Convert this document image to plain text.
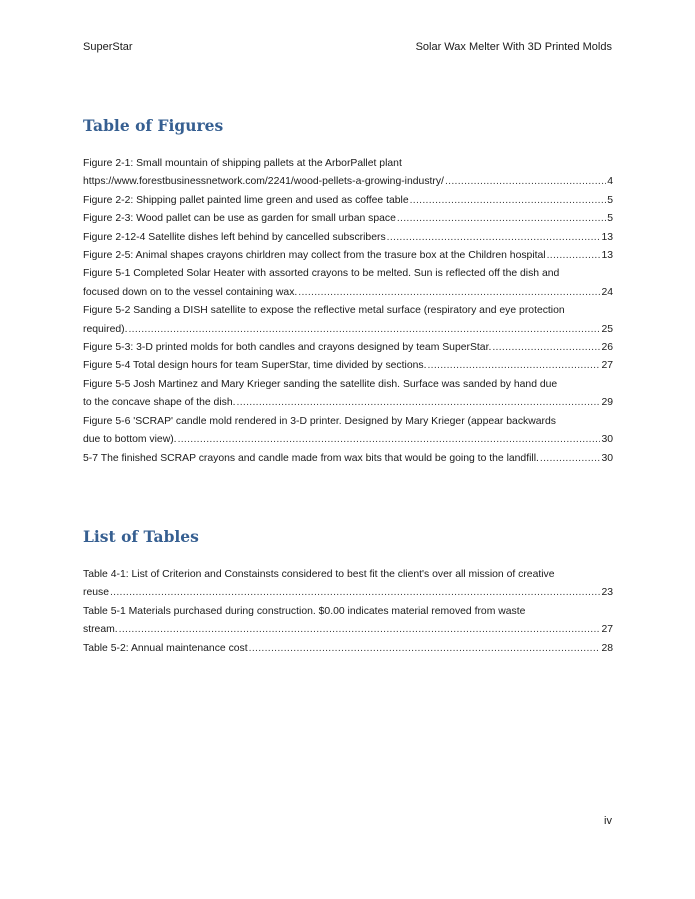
SuperStar	Solar Wax Melter With 3D Printed Molds
Table of Figures
Figure 2-1: Small mountain of shipping pallets at the ArborPallet plant
https://www.forestbusinessnetwork.com/2241/wood-pellets-a-growing-industry/ .....	4
Figure 2-2: Shipping pallet painted lime green and used as coffee table .....	5
Figure 2-3: Wood pallet can be use as garden for small urban space .....	5
Figure 2-12-4 Satellite dishes left behind by cancelled subscribers .....	13
Figure 2-5: Animal shapes crayons chirldren may collect from the trasure box at the Children hospital .....	13
Figure 5-1 Completed Solar Heater with assorted crayons to be melted. Sun is reflected off the dish and
focused down on to the vessel containing wax. .....	24
Figure 5-2 Sanding a DISH satellite to expose the reflective metal surface (respiratory and eye protection
required). .....	25
Figure 5-3: 3-D printed molds for both candles and crayons designed by team SuperStar. .....	26
Figure 5-4 Total design hours for team SuperStar, time divided by sections. .....	27
Figure 5-5 Josh Martinez and Mary Krieger sanding the satellite dish. Surface was sanded by hand due
to the concave shape of the dish. .....	29
Figure 5-6 'SCRAP' candle mold rendered in 3-D printer. Designed by Mary Krieger (appear backwards
due to bottom view). .....	30
5-7 The finished SCRAP crayons and candle made from wax bits that would be going to the landfill. .....	30
List of Tables
Table 4-1: List of Criterion and Constainsts considered to best fit the client's over all mission of creative
reuse .....	23
Table 5-1 Materials purchased during construction. $0.00 indicates material removed from waste
stream. .....	27
Table 5-2: Annual maintenance cost .....	28
iv
